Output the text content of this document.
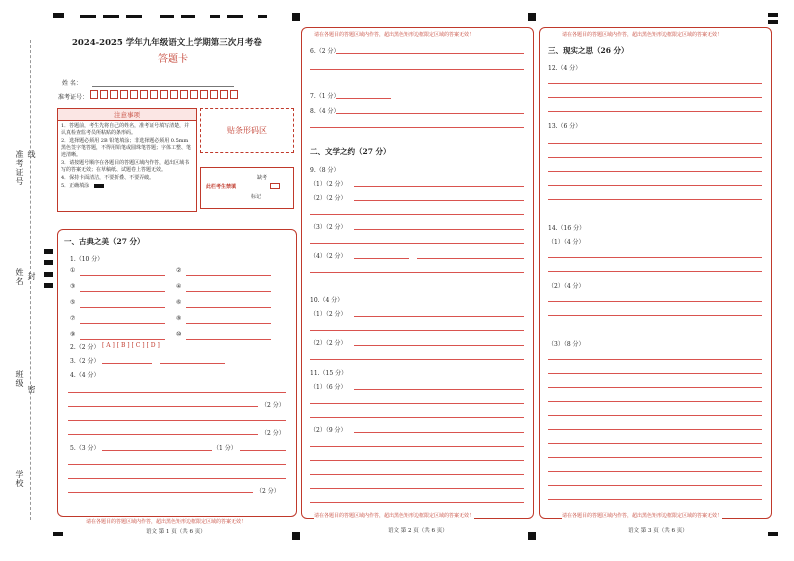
准考证号 线
姓名 封
班级
密
学校
2024-2025 学年九年级语文上学期第三次月考卷
答题卡
姓 名：
准考证号：
注意事项
1．答题前，考生先将自己的姓名，准考证号填写清楚，并认真检查监考员所粘贴的条形码。
2．选择题必须用 2B 铅笔填涂；非选择题必须用 0.5mm 黑色签字笔答题，不得用铅笔或圆珠笔答题；字体工整、笔迹清晰。
3．请按题号顺序在各题目的答题区域内作答，超出区域书写的答案无效；在草稿纸、试题卷上答题无效。
4．保持卡面清洁，不要折叠、不要弄破。
5．正确填涂
贴条形码区
此栏考生禁填
缺考
标记
一、古典之美（27 分）
1.（10 分）
①	②
③	④
⑤	⑥
⑦	⑧
⑨	⑩
2.（2 分） [ A ] [ B ] [ C ] [ D ]
3.（2 分）
4.（4 分）
（2 分）
（2 分）
5.（3 分）	（1 分）
（2 分）
请在各题目的答题区域内作答，超出黑色矩形边框限定区域的答案无效！
语文 第 1 页（共 6 页）
请在各题目的答题区域内作答，超出黑色矩形边框限定区域的答案无效！
6.（2 分）
7.（1 分）
8.（4 分）
二、文学之约（27 分）
9.（8 分）
（1）（2 分）
（2）（2 分）
（3）（2 分）
（4）（2 分）
10.（4 分）
（1）（2 分）
（2）（2 分）
11.（15 分）
（1）（6 分）
（2）（9 分）
请在各题目的答题区域内作答，超出黑色矩形边框限定区域的答案无效！
语文 第 2 页（共 6 页）
请在各题目的答题区域内作答，超出黑色矩形边框限定区域的答案无效！
三、现实之思（26 分）
12.（4 分）
13.（6 分）
14.（16 分）
（1）（4 分）
（2）（4 分）
（3）（8 分）
请在各题目的答题区域内作答，超出黑色矩形边框限定区域的答案无效！
语文 第 3 页（共 6 页）
